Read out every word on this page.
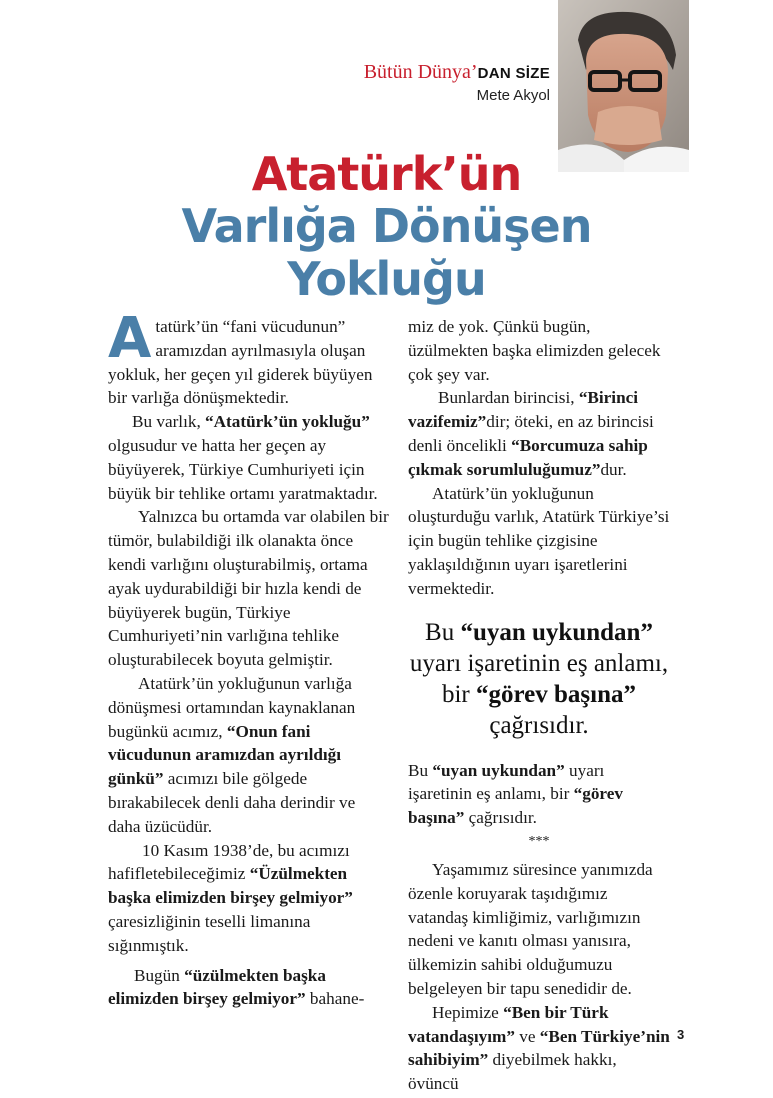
Bütün Dünya’DAN SİZE
Mete Akyol
Atatürk’ün
Varlığa Dönüşen
Yokluğu

Atatürk’ün “fani vücudunun” aramızdan ayrılmasıyla oluşan yokluk, her geçen yıl giderek büyüyen bir varlığa dönüşmektedir.

Bu varlık, “Atatürk’ün yokluğu” olgusudur ve hatta her geçen ay büyüyerek, Türkiye Cumhuriyeti için büyük bir tehlike ortamı yaratmaktadır.

Yalnızca bu ortamda var olabilen bir tümör, bulabildiği ilk olanakta önce kendi varlığını oluşturabilmiş, ortama ayak uydurabildiği bir hızla kendi de büyüyerek bugün, Türkiye Cumhuriyeti’nin varlığına tehlike oluşturabilecek boyuta gelmiştir.

Atatürk’ün yokluğunun varlığa dönüşmesi ortamından kaynaklanan bugünkü acımız, “Onun fani vücudunun aramızdan ayrıldığı günkü” acımızı bile gölgede bırakabilecek denli daha derindir ve daha üzücüdür.

10 Kasım 1938’de, bu acımızı hafifletebileceğimiz “Üzülmekten başka elimizden birşey gelmiyor” çaresizliğinin teselli limanına sığınmıştık.

Bugün “üzülmekten başka elimizden birşey gelmiyor” bahane-

miz de yok. Çünkü bugün, üzülmekten başka elimizden gelecek çok şey var.

Bunlardan birincisi, “Birinci vazifemiz”dir; öteki, en az birincisi denli öncelikli “Borcumuza sahip çıkmak sorumluluğumuz”dur.

Atatürk’ün yokluğunun oluşturduğu varlık, Atatürk Türkiye’si için bugün tehlike çizgisine yaklaşıldığının uyarı işaretlerini vermektedir.

Bu “uyan uykundan” uyarı işaretinin eş anlamı, bir “görev başına” çağrısıdır.

Bu “uyan uykundan” uyarı işaretinin eş anlamı, bir “görev başına” çağrısıdır.

***

Yaşamımız süresince yanımızda özenle koruyarak taşıdığımız vatandaş kimliğimiz, varlığımızın nedeni ve kanıtı olması yanısıra, ülkemizin sahibi olduğumuzu belgeleyen bir tapu senedidir de.

Hepimize “Ben bir Türk vatandaşıyım” ve “Ben Türkiye’nin sahibiyim” diyebilmek hakkı, övüncü

3
